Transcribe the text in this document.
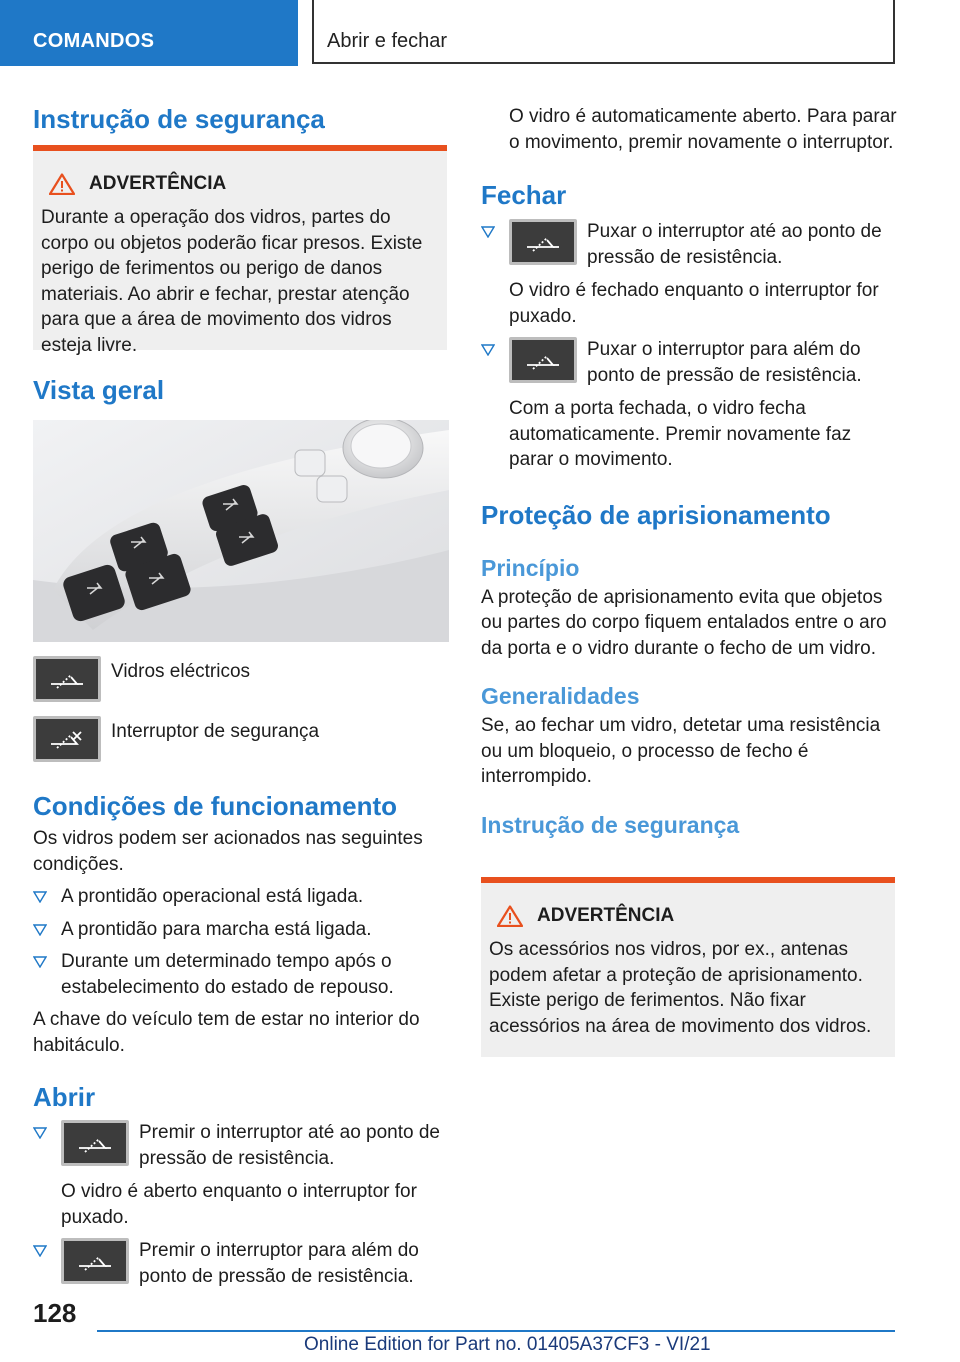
COMANDOS	Abrir e fechar
Instrução de segurança
ADVERTÊNCIA

Durante a operação dos vidros, partes do corpo ou objetos poderão ficar presos. Existe perigo de ferimentos ou perigo de danos materiais. Ao abrir e fechar, prestar atenção para que a área de movimento dos vidros esteja livre.

Vista geral

Vidros eléctricos

Interruptor de segurança

Condições de funcionamento

Os vidros podem ser acionados nas seguintes condições.

A prontidão operacional está ligada.

A prontidão para marcha está ligada.

Durante um determinado tempo após o estabelecimento do estado de repouso.

A chave do veículo tem de estar no interior do habitáculo.

Abrir

Premir o interruptor até ao ponto de pressão de resistência.

O vidro é aberto enquanto o interruptor for puxado.

Premir o interruptor para além do ponto de pressão de resistência.

O vidro é automaticamente aberto. Para parar o movimento, premir novamente o interruptor.

Fechar

Puxar o interruptor até ao ponto de pressão de resistência.

O vidro é fechado enquanto o interruptor for puxado.

Puxar o interruptor para além do ponto de pressão de resistência.

Com a porta fechada, o vidro fecha automaticamente. Premir novamente faz parar o movimento.

Proteção de aprisionamento
Princípio

A proteção de aprisionamento evita que objetos ou partes do corpo fiquem entalados entre o aro da porta e o vidro durante o fecho de um vidro.

Generalidades

Se, ao fechar um vidro, detetar uma resistência ou um bloqueio, o processo de fecho é interrompido.

Instrução de segurança
ADVERTÊNCIA

Os acessórios nos vidros, por ex., antenas podem afetar a proteção de aprisionamento. Existe perigo de ferimentos. Não fixar acessórios na área de movimento dos vidros.

128
Online Edition for Part no. 01405A37CF3 - VI/21
